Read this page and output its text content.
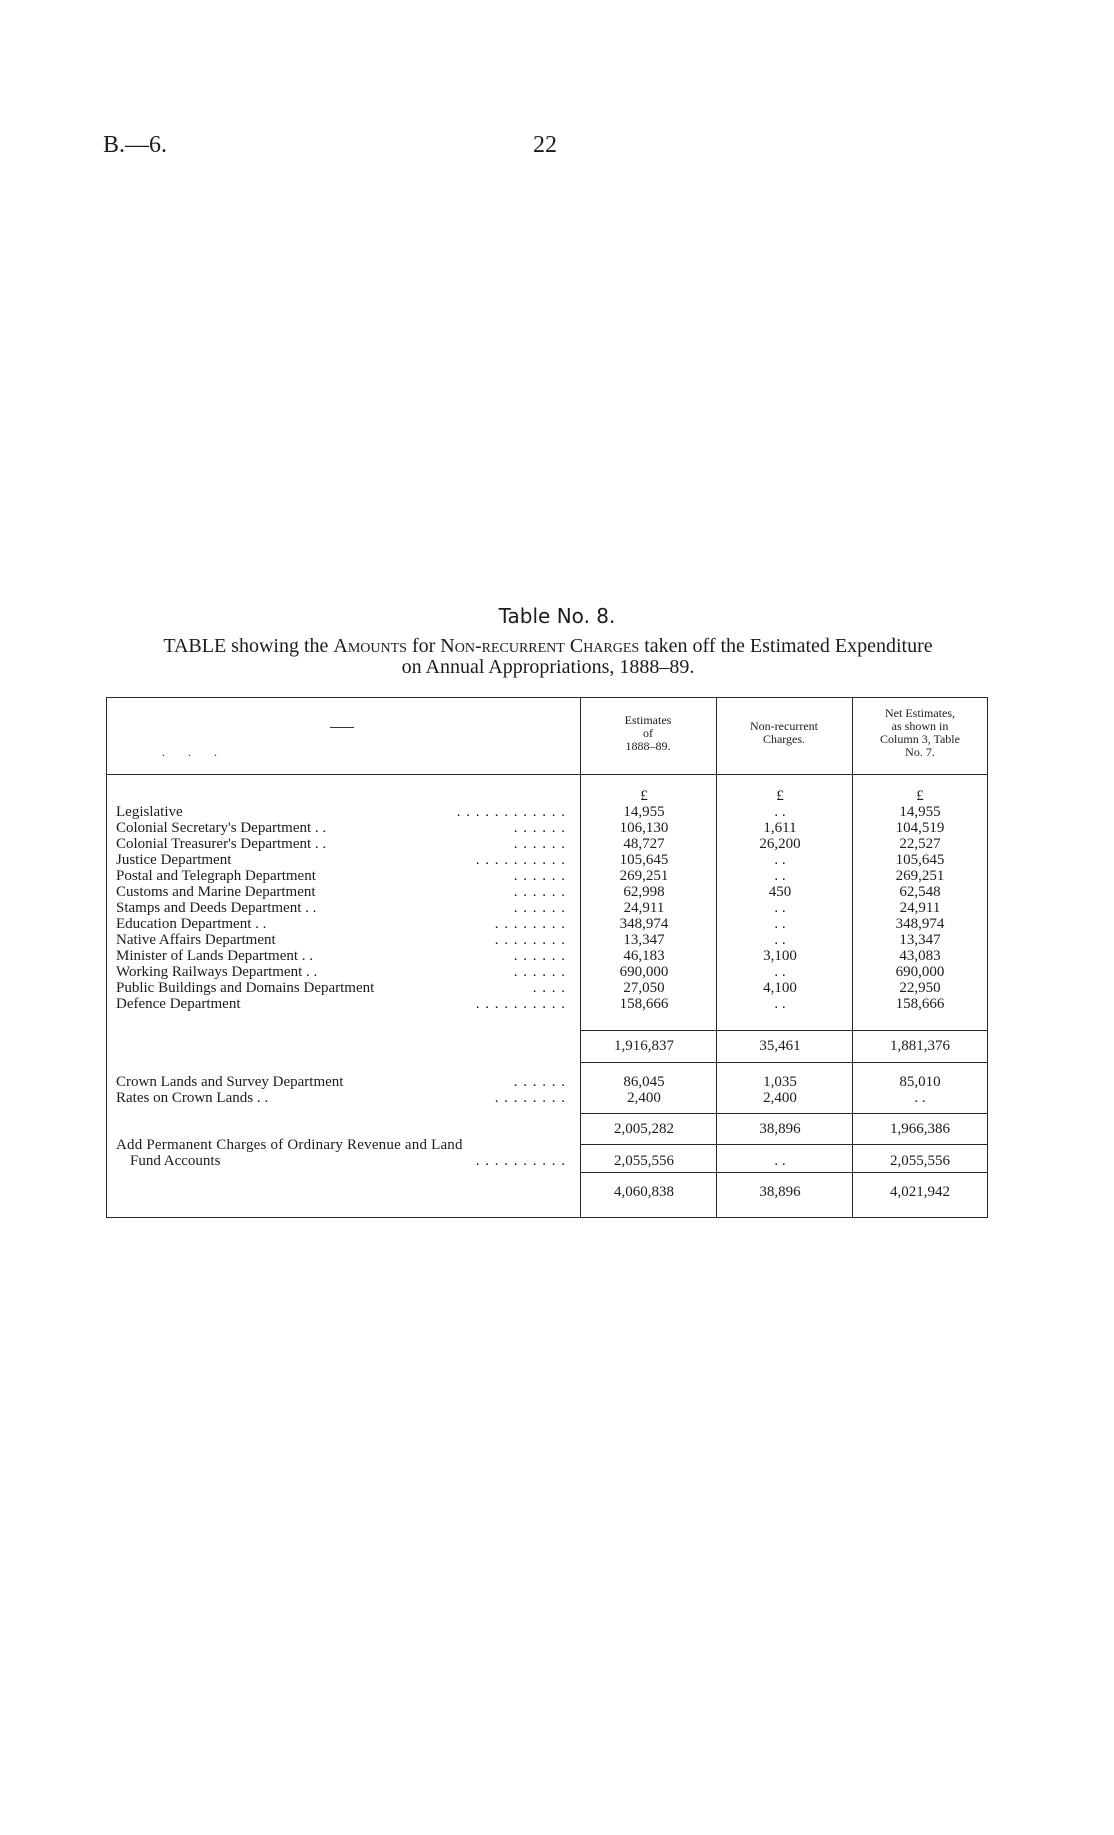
B.—6.	22
Table No. 8.
TABLE showing the Amounts for Non-recurrent Charges taken off the Estimated Expenditure
on Annual Appropriations, 1888–89.
. . .
Estimates
of
1888–89.
Non-recurrent
Charges.
Net Estimates,
as shown in
Column 3, Table
No. 7.
£	£	£
Legislative	. . . . . . . . . . . .	14,955	. .	14,955
Colonial Secretary's Department . .	. . . . . .	106,130	1,611	104,519
Colonial Treasurer's Department . .	. . . . . .	48,727	26,200	22,527
Justice Department	. . . . . . . . . .	105,645	. .	105,645
Postal and Telegraph Department	. . . . . .	269,251	. .	269,251
Customs and Marine Department	. . . . . .	62,998	450	62,548
Stamps and Deeds Department . .	. . . . . .	24,911	. .	24,911
Education Department . .	. . . . . . . .	348,974	. .	348,974
Native Affairs Department	. . . . . . . .	13,347	. .	13,347
Minister of Lands Department . .	. . . . . .	46,183	3,100	43,083
Working Railways Department . .	. . . . . .	690,000	. .	690,000
Public Buildings and Domains Department	. . . .	27,050	4,100	22,950
Defence Department	. . . . . . . . . .	158,666	. .	158,666
1,916,837	35,461	1,881,376
Crown Lands and Survey Department	. . . . . .	86,045	1,035	85,010
Rates on Crown Lands . .	. . . . . . . .	2,400	2,400	. .
2,005,282	38,896	1,966,386
Add Permanent Charges of Ordinary Revenue and Land
Fund Accounts	. . . . . . . . . .	2,055,556	. .	2,055,556
4,060,838	38,896	4,021,942
